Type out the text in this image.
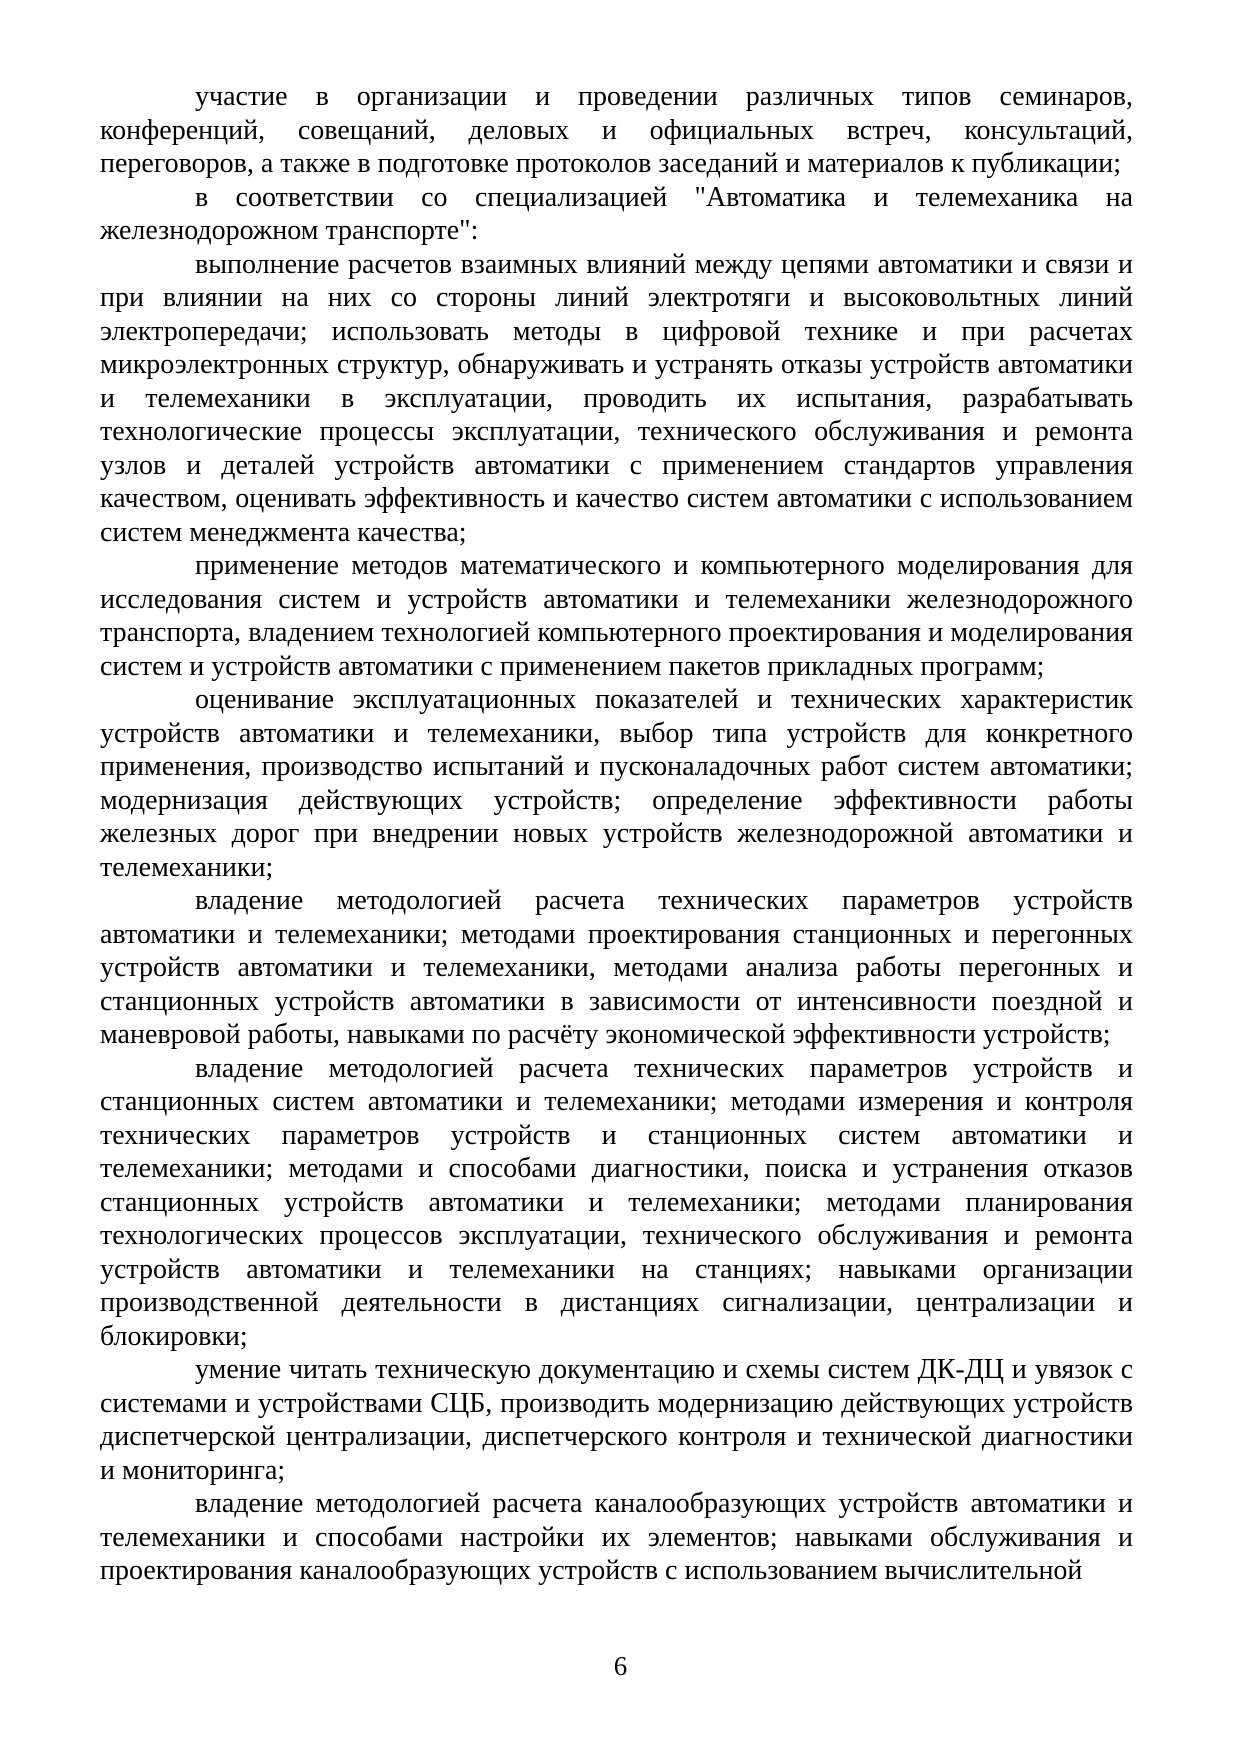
участие в организации и проведении различных типов семинаров, конференций, совещаний, деловых и официальных встреч, консультаций, переговоров, а также в подготовке протоколов заседаний и материалов к публикации;

в соответствии со специализацией "Автоматика и телемеханика на железнодорожном транспорте":

выполнение расчетов взаимных влияний между цепями автоматики и связи и при влиянии на них со стороны линий электротяги и высоковольтных линий электропередачи; использовать методы в цифровой технике и при расчетах микроэлектронных структур, обнаруживать и устранять отказы устройств автоматики и телемеханики в эксплуатации, проводить их испытания, разрабатывать технологические процессы эксплуатации, технического обслуживания и ремонта узлов и деталей устройств автоматики с применением стандартов управления качеством, оценивать эффективность и качество систем автоматики с использованием систем менеджмента качества;

применение методов математического и компьютерного моделирования для исследования систем и устройств автоматики и телемеханики железнодорожного транспорта, владением технологией компьютерного проектирования и моделирования систем и устройств автоматики с применением пакетов прикладных программ;

оценивание эксплуатационных показателей и технических характеристик устройств автоматики и телемеханики, выбор типа устройств для конкретного применения, производство испытаний и пусконаладочных работ систем автоматики; модернизация действующих устройств; определение эффективности работы железных дорог при внедрении новых устройств железнодорожной автоматики и телемеханики;

владение методологией расчета технических параметров устройств автоматики и телемеханики; методами проектирования станционных и перегонных устройств автоматики и телемеханики, методами анализа работы перегонных и станционных устройств автоматики в зависимости от интенсивности поездной и маневровой работы, навыками по расчёту экономической эффективности устройств;

владение методологией расчета технических параметров устройств и станционных систем автоматики и телемеханики; методами измерения и контроля технических параметров устройств и станционных систем автоматики и телемеханики; методами и способами диагностики, поиска и устранения отказов станционных устройств автоматики и телемеханики; методами планирования технологических процессов эксплуатации, технического обслуживания и ремонта устройств автоматики и телемеханики на станциях; навыками организации производственной деятельности в дистанциях сигнализации, централизации и блокировки;

умение читать техническую документацию и схемы систем ДК-ДЦ и увязок с системами и устройствами СЦБ, производить модернизацию действующих устройств диспетчерской централизации, диспетчерского контроля и технической диагностики и мониторинга;

владение методологией расчета каналообразующих устройств автоматики и телемеханики и способами настройки их элементов; навыками обслуживания и проектирования каналообразующих устройств с использованием вычислительной

6
